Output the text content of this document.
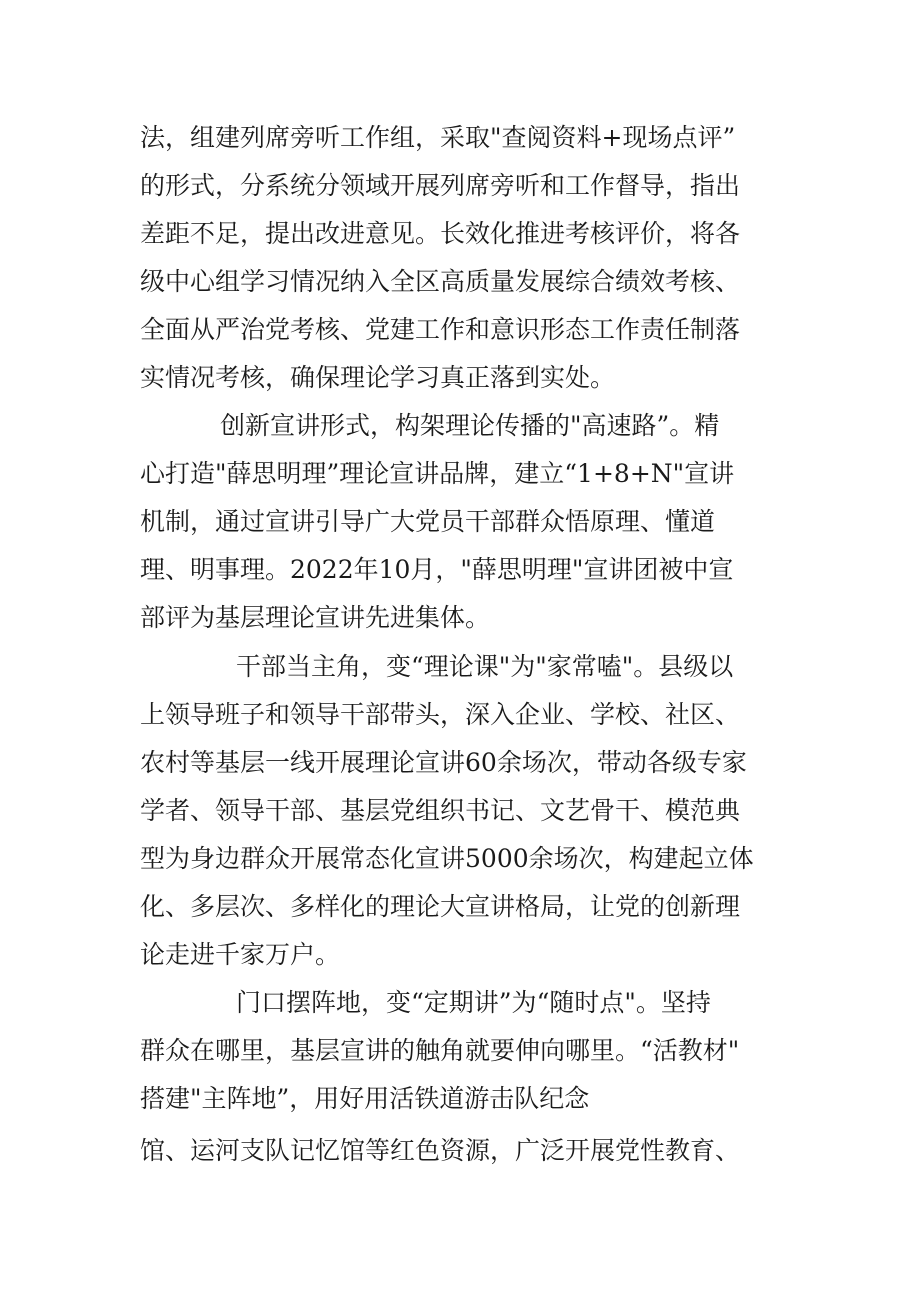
法，组建列席旁听工作组，采取"查阅资料+现场点评”
的形式，分系统分领域开展列席旁听和工作督导，指出
差距不足，提出改进意见。长效化推进考核评价，将各
级中心组学习情况纳入全区高质量发展综合绩效考核、
全面从严治党考核、党建工作和意识形态工作责任制落
实情况考核，确保理论学习真正落到实处。
创新宣讲形式，构架理论传播的"高速路”。精
心打造"薛思明理”理论宣讲品牌，建立“1+8+N"宣讲
机制，通过宣讲引导广大党员干部群众悟原理、懂道
理、明事理。2022年10月，"薛思明理"宣讲团被中宣
部评为基层理论宣讲先进集体。
干部当主角，变“理论课"为"家常嗑"。县级以
上领导班子和领导干部带头，深入企业、学校、社区、
农村等基层一线开展理论宣讲60余场次，带动各级专家
学者、领导干部、基层党组织书记、文艺骨干、模范典
型为身边群众开展常态化宣讲5000余场次，构建起立体
化、多层次、多样化的理论大宣讲格局，让党的创新理
论走进千家万户。
门口摆阵地，变“定期讲”为“随时点"。坚持
群众在哪里，基层宣讲的触角就要伸向哪里。“活教材"
搭建"主阵地”，用好用活铁道游击队纪念
馆、运河支队记忆馆等红色资源，广泛开展党性教育、
